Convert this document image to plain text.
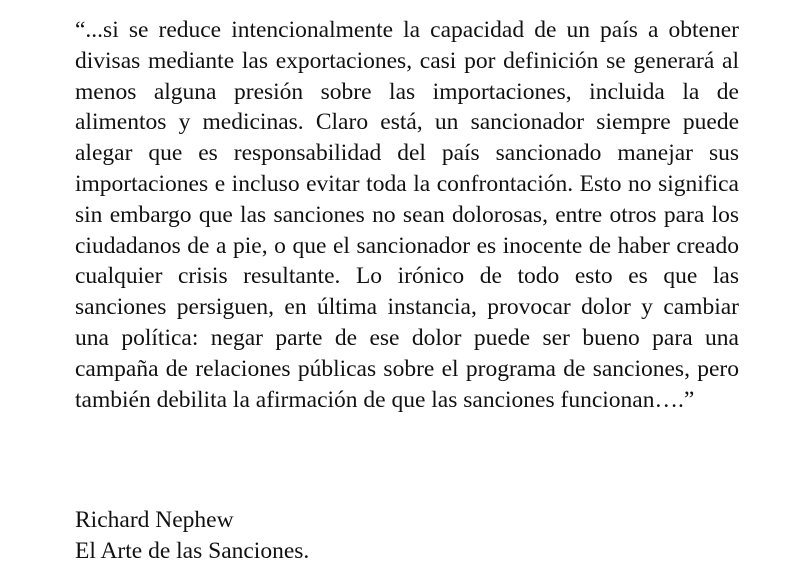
“...si se reduce intencionalmente la capacidad de un país a obtener divisas mediante las exportaciones, casi por definición se generará al menos alguna presión sobre las importaciones, incluida la de alimentos y medicinas. Claro está, un sancionador siempre puede alegar que es responsabilidad del país sancionado manejar sus importaciones e incluso evitar toda la confrontación. Esto no significa sin embargo que las sanciones no sean dolorosas, entre otros para los ciudadanos de a pie, o que el sancionador es inocente de haber creado cualquier crisis resultante. Lo irónico de todo esto es que las sanciones persiguen, en última instancia, provocar dolor y cambiar una política: negar parte de ese dolor puede ser bueno para una campaña de relaciones públicas sobre el programa de sanciones, pero también debilita la afirmación de que las sanciones funcionan….”

Richard Nephew
El Arte de las Sanciones.
